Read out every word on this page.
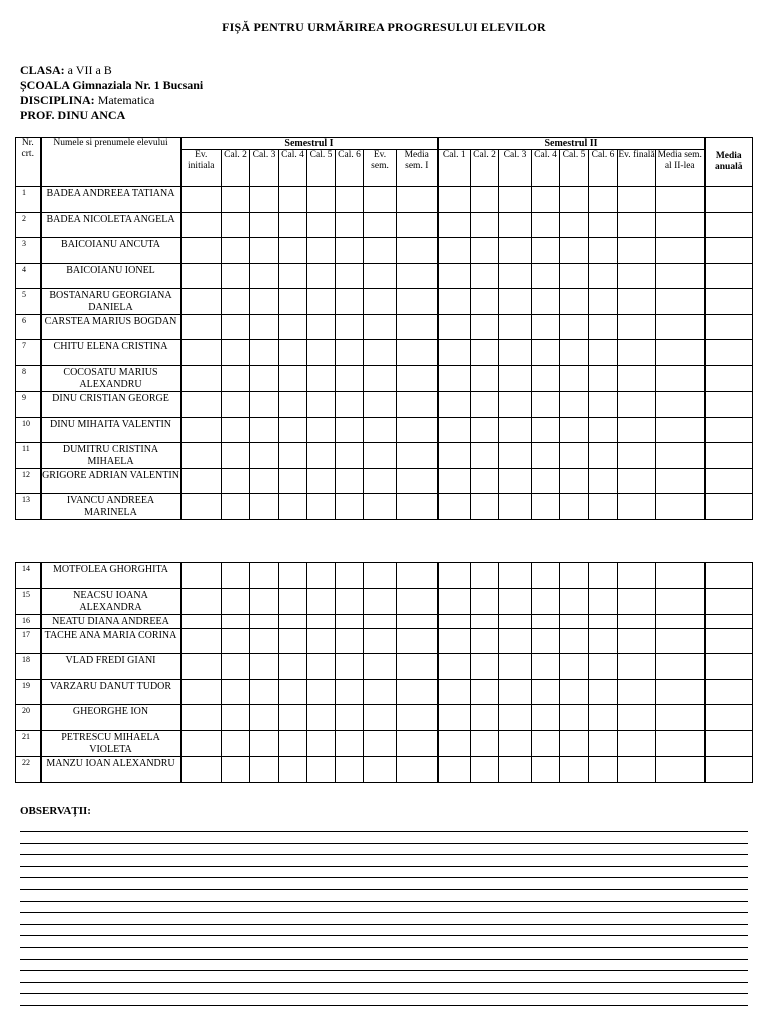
FIȘĂ PENTRU URMĂRIREA PROGRESULUI ELEVILOR
CLASA: a VII a B
ȘCOALA Gimnaziala Nr. 1 Bucsani
DISCIPLINA: Matematica
PROF. DINU ANCA
Nr. crt.	Numele si prenumele elevului	Semestrul I								Semestrul II								Media anuală
		Ev. initiala	Cal. 2	Cal. 3	Cal. 4	Cal. 5	Cal. 6	Ev. sem.	Media sem. I	Cal. 1	Cal. 2	Cal. 3	Cal. 4	Cal. 5	Cal. 6	Ev. finală	Media sem. al II-lea	
1	BADEA ANDREEA TATIANA																	
2	BADEA NICOLETA ANGELA																	
3	BAICOIANU ANCUTA																	
4	BAICOIANU IONEL																	
5	BOSTANARU GEORGIANA DANIELA																	
6	CARSTEA MARIUS BOGDAN																	
7	CHITU ELENA CRISTINA																	
8	COCOSATU MARIUS ALEXANDRU																	
9	DINU CRISTIAN GEORGE																	
10	DINU MIHAITA VALENTIN																	
11	DUMITRU CRISTINA MIHAELA																	
12	GRIGORE ADRIAN VALENTIN																	
13	IVANCU ANDREEA MARINELA																	
14	MOTFOLEA GHORGHITA																	
15	NEACSU IOANA ALEXANDRA																	
16	NEATU DIANA ANDREEA																	
17	TACHE ANA MARIA CORINA																	
18	VLAD FREDI GIANI																	
19	VARZARU DANUT TUDOR																	
20	GHEORGHE ION																	
21	PETRESCU MIHAELA VIOLETA																	
22	MANZU IOAN ALEXANDRU																	
OBSERVAȚII:
